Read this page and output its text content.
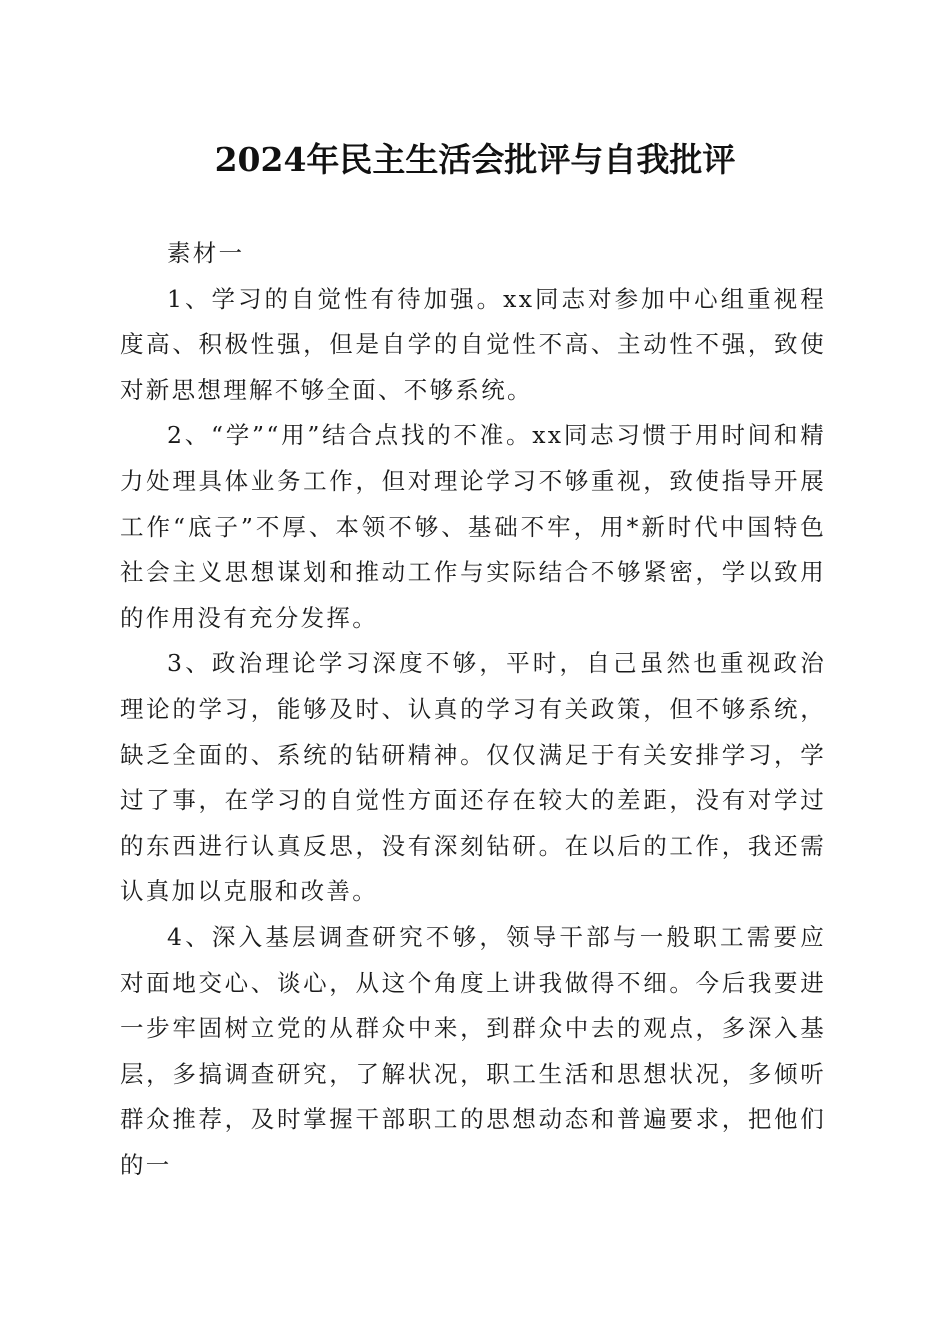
2024年民主生活会批评与自我批评

素材一

1、学习的自觉性有待加强。xx同志对参加中心组重视程度高、积极性强，但是自学的自觉性不高、主动性不强，致使对新思想理解不够全面、不够系统。

2、“学”“用”结合点找的不准。xx同志习惯于用时间和精力处理具体业务工作，但对理论学习不够重视，致使指导开展工作“底子”不厚、本领不够、基础不牢，用*新时代中国特色社会主义思想谋划和推动工作与实际结合不够紧密，学以致用的作用没有充分发挥。

3、政治理论学习深度不够，平时，自己虽然也重视政治理论的学习，能够及时、认真的学习有关政策，但不够系统，缺乏全面的、系统的钻研精神。仅仅满足于有关安排学习，学过了事，在学习的自觉性方面还存在较大的差距，没有对学过的东西进行认真反思，没有深刻钻研。在以后的工作，我还需认真加以克服和改善。

4、深入基层调查研究不够，领导干部与一般职工需要应对面地交心、谈心，从这个角度上讲我做得不细。今后我要进一步牢固树立党的从群众中来，到群众中去的观点，多深入基层，多搞调查研究，了解状况，职工生活和思想状况，多倾听群众推荐，及时掌握干部职工的思想动态和普遍要求，把他们的一
